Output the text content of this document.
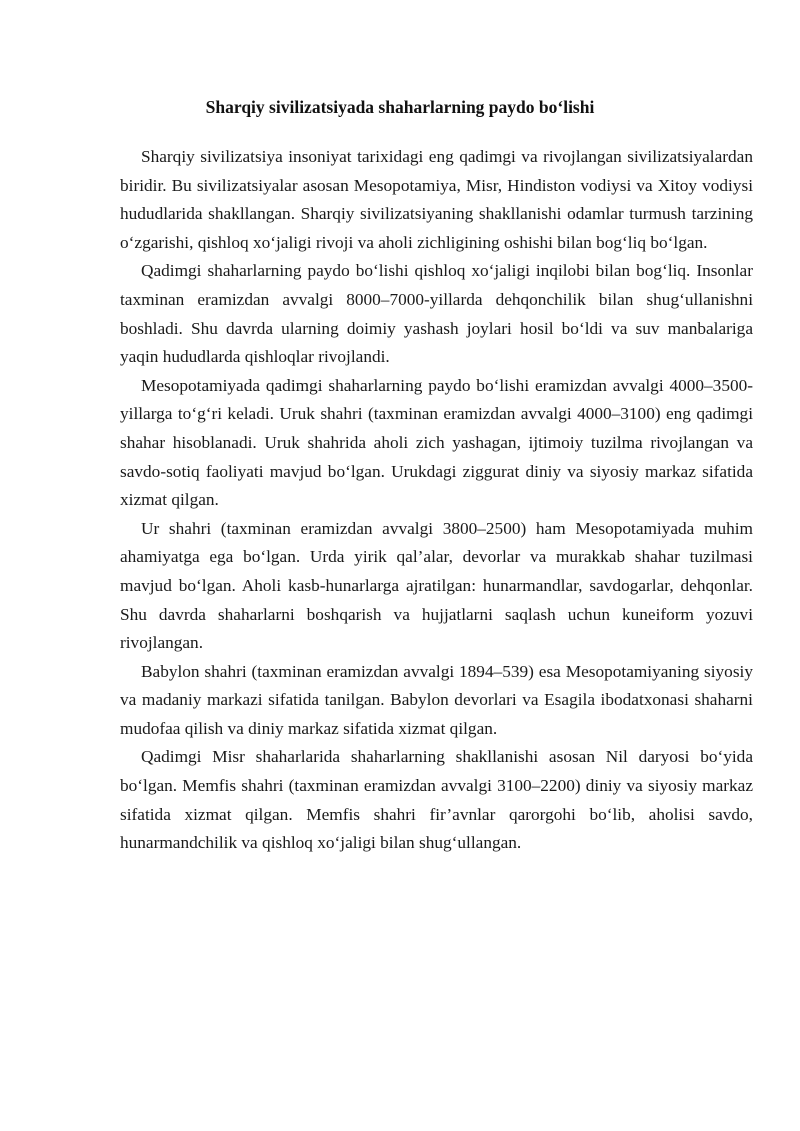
Sharqiy sivilizatsiyada shaharlarning paydo bo‘lishi

Sharqiy sivilizatsiya insoniyat tarixidagi eng qadimgi va rivojlangan sivilizatsiyalardan biridir. Bu sivilizatsiyalar asosan Mesopotamiya, Misr, Hindiston vodiysi va Xitoy vodiysi hududlarida shakllangan. Sharqiy sivilizatsiyaning shakllanishi odamlar turmush tarzining o‘zgarishi, qishloq xo‘jaligi rivoji va aholi zichligining oshishi bilan bog‘liq bo‘lgan.

Qadimgi shaharlarning paydo bo‘lishi qishloq xo‘jaligi inqilobi bilan bog‘liq. Insonlar taxminan eramizdan avvalgi 8000–7000-yillarda dehqonchilik bilan shug‘ullanishni boshladi. Shu davrda ularning doimiy yashash joylari hosil bo‘ldi va suv manbalariga yaqin hududlarda qishloqlar rivojlandi.

Mesopotamiyada qadimgi shaharlarning paydo bo‘lishi eramizdan avvalgi 4000–3500-yillarga to‘g‘ri keladi. Uruk shahri (taxminan eramizdan avvalgi 4000–3100) eng qadimgi shahar hisoblanadi. Uruk shahrida aholi zich yashagan, ijtimoiy tuzilma rivojlangan va savdo-sotiq faoliyati mavjud bo‘lgan. Urukdagi ziggurat diniy va siyosiy markaz sifatida xizmat qilgan.

Ur shahri (taxminan eramizdan avvalgi 3800–2500) ham Mesopotamiyada muhim ahamiyatga ega bo‘lgan. Urda yirik qal’alar, devorlar va murakkab shahar tuzilmasi mavjud bo‘lgan. Aholi kasb-hunarlarga ajratilgan: hunarmandlar, savdogarlar, dehqonlar. Shu davrda shaharlarni boshqarish va hujjatlarni saqlash uchun kuneiform yozuvi rivojlangan.

Babylon shahri (taxminan eramizdan avvalgi 1894–539) esa Mesopotamiyaning siyosiy va madaniy markazi sifatida tanilgan. Babylon devorlari va Esagila ibodatxonasi shaharni mudofaa qilish va diniy markaz sifatida xizmat qilgan.

Qadimgi Misr shaharlarida shaharlarning shakllanishi asosan Nil daryosi bo‘yida bo‘lgan. Memfis shahri (taxminan eramizdan avvalgi 3100–2200) diniy va siyosiy markaz sifatida xizmat qilgan. Memfis shahri fir’avnlar qarorgohi bo‘lib, aholisi savdo, hunarmandchilik va qishloq xo‘jaligi bilan shug‘ullangan.
